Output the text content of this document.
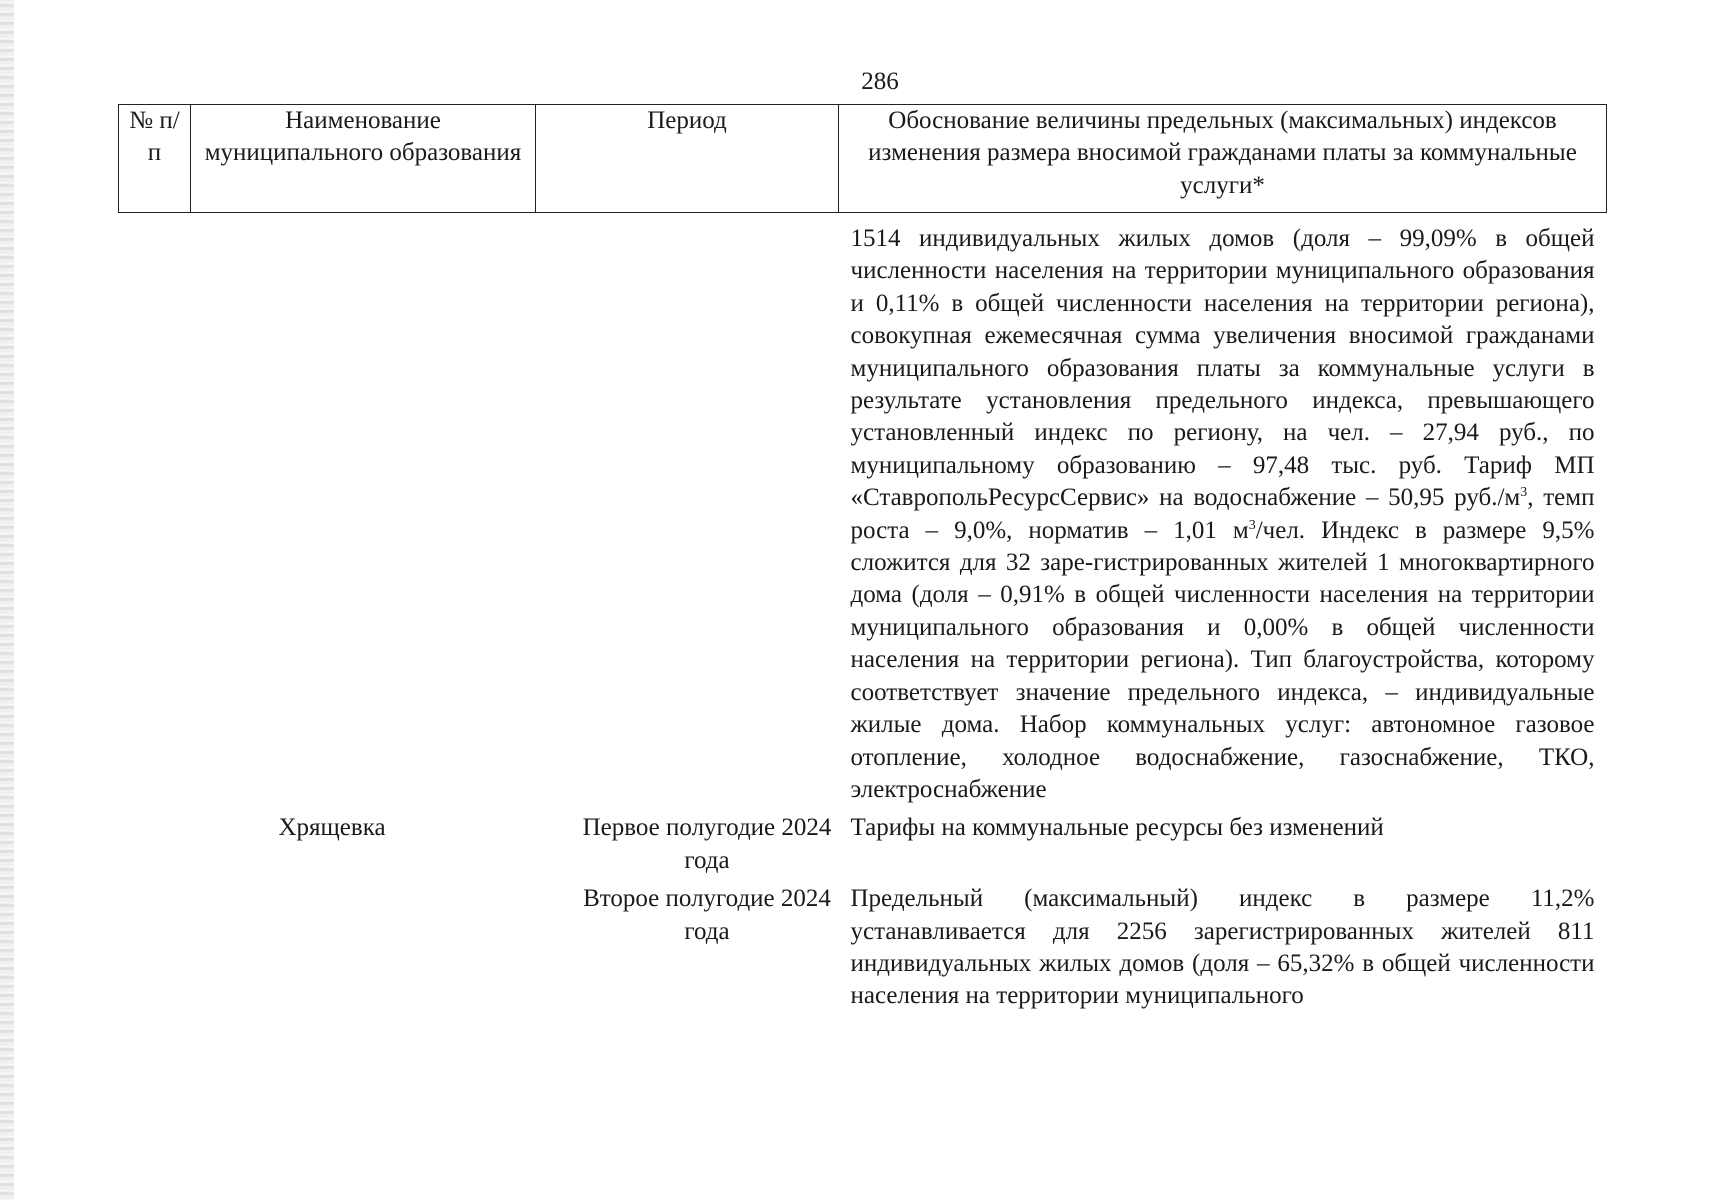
286
№ п/п	Наименование муниципального образования	Период	Обоснование величины предельных (максимальных) индексов изменения размера вносимой гражданами платы за коммунальные услуги*

			1514 индивидуальных жилых домов (доля – 99,09% в общей численности населения на территории муниципального образования и 0,11% в общей численности населения на территории региона), совокупная ежемесячная сумма увеличения вносимой гражданами муниципального образования платы за коммунальные услуги в результате установления предельного индекса, превышающего установленный индекс по региону, на чел. – 27,94 руб., по муниципальному образованию – 97,48 тыс. руб. Тариф МП «СтавропольРесурсСервис» на водоснабжение – 50,95 $руб./м^3$, темп роста – 9,0%, норматив – 1,01 $м^3$/чел. Индекс в размере 9,5% сложится для 32 заре-гистрированных жителей 1 многоквартирного дома (доля – 0,91% в общей численности населения на территории муниципального образования и 0,00% в общей численности населения на территории региона). Тип благоустройства, которому соответствует значение предельного индекса, – индивидуальные жилые дома. Набор коммунальных услуг: автономное газовое отопление, холодное водоснабжение, газоснабжение, ТКО, электроснабжение

	Хрящевка	Первое полугодие 2024 года	Тарифы на коммунальные ресурсы без изменений
		Второе полугодие 2024 года	Предельный (максимальный) индекс в размере 11,2% устанавливается для 2256 зарегистрированных жителей 811 индивидуальных жилых домов (доля – 65,32% в общей численности населения на территории муниципального
